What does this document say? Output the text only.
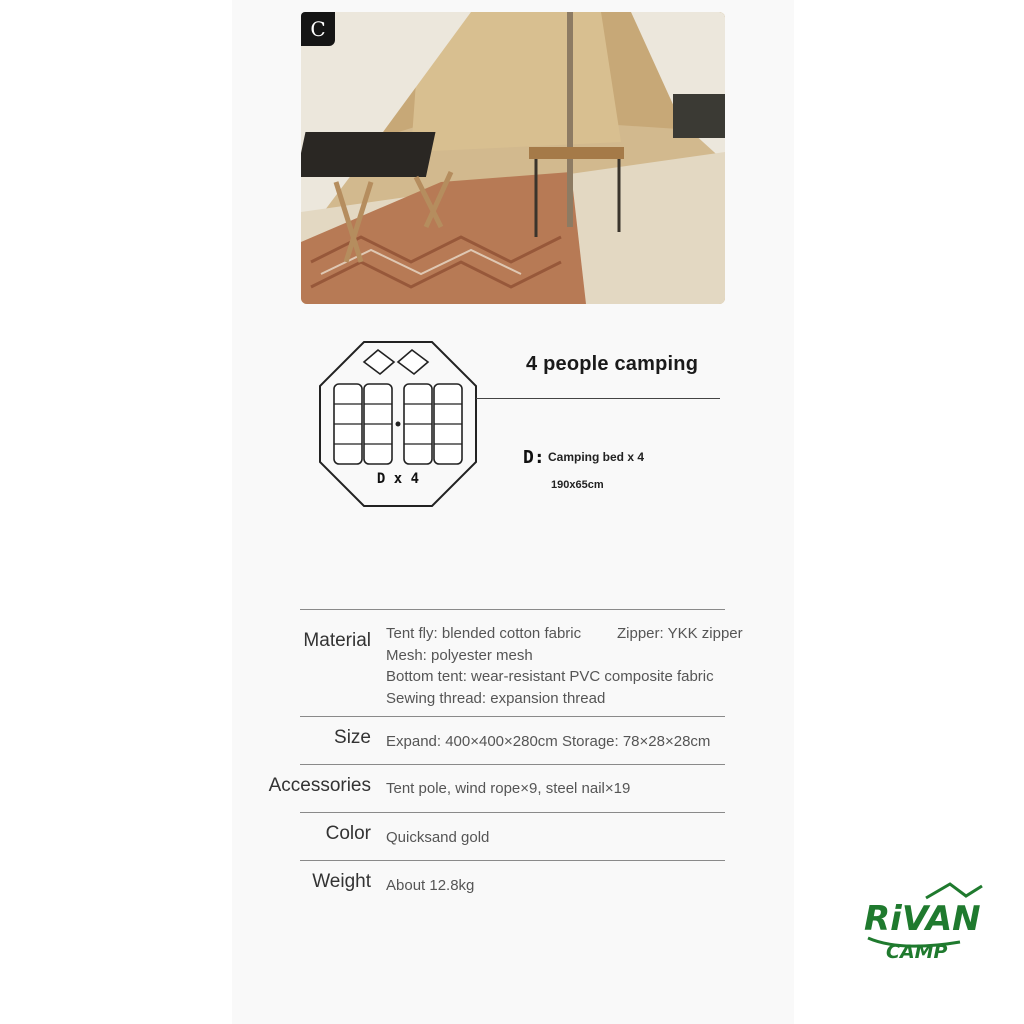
C
D x 4
4 people camping
D: Camping bed x 4
190x65cm
Material Tent fly: blended cotton fabric Zipper: YKK zipper
Mesh: polyester mesh
Bottom tent: wear-resistant PVC composite fabric
Sewing thread: expansion thread
Size Expand: 400×400×280cm Storage: 78×28×28cm
Accessories Tent pole, wind rope×9, steel nail×19
Color Quicksand gold
Weight About 12.8kg
RiVAN
CAMP
